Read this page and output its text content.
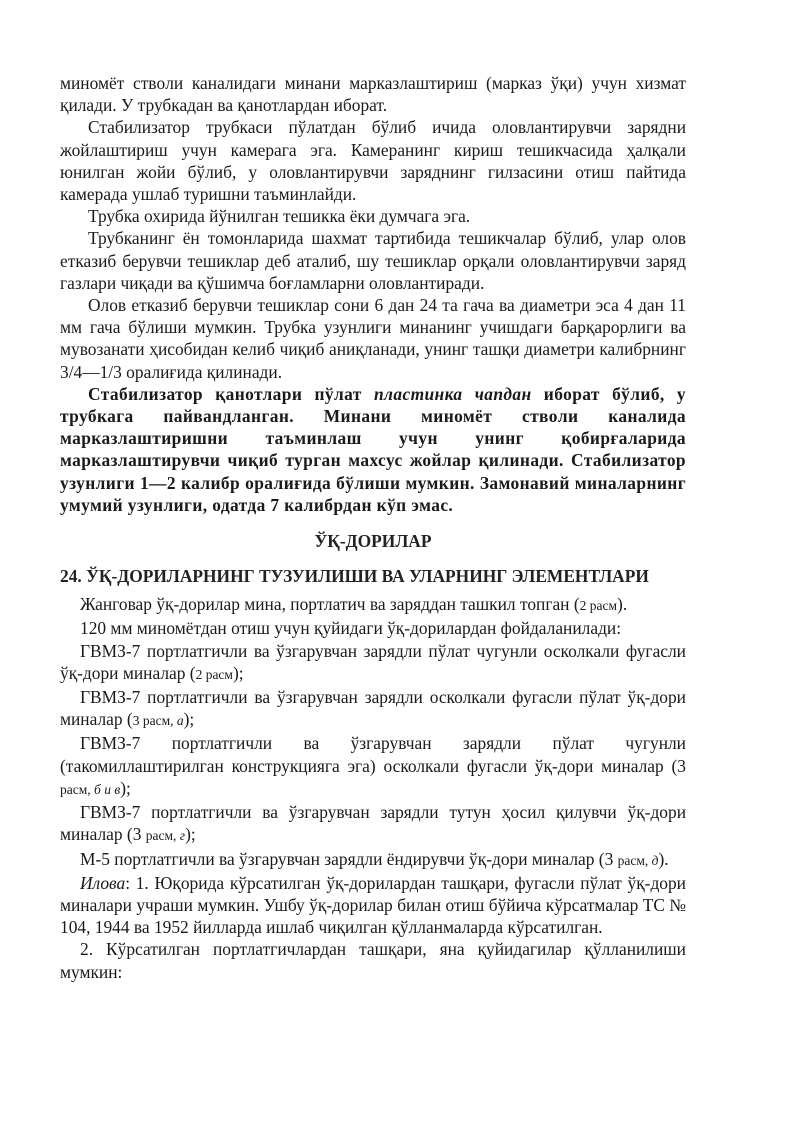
миномёт ствoли каналидаги минани марказлаштириш (марказ ўқи) учун хизмат қилади. У трубкадан ва қанотлардан иборат.

Стабилизатор трубкаси пўлатдан бўлиб ичида оловлантирувчи зарядни жойлаштириш учун камерага эга. Камеранинг кириш тешикчасида ҳалқали юнилган жойи бўлиб, у оловлантирувчи заряднинг гилзасини отиш пайтида камерада ушлаб туришни таъминлайди.

Трубка охирида йўнилган тешикка ёки думчага эга.

Трубканинг ён томонларида шахмат тартибида тешикчалар бўлиб, улар олов етказиб берувчи тешиклар деб аталиб, шу тешиклар орқали оловлантирувчи заряд газлари чиқади ва қўшимча боғламларни оловлантиради.

Олов етказиб берувчи тешиклар сони 6 дан 24 та гача ва диаметри эса 4 дан 11 мм гача бўлиши мумкин. Трубка узунлиги минанинг учишдаги барқарорлиги ва мувозанати ҳисобидан келиб чиқиб аниқланади, унинг ташқи диаметри калибрнинг 3/4—1/3 оралиғида қилинади.

Стабилизатор қанотлари пўлат пластинка чапдан иборат бўлиб, у трубкага пайвандланган. Минани миномёт ствoли каналида марказлаштиришни таъминлаш учун унинг қобирғаларида марказлаштирувчи чиқиб турган махсус жойлар қилинади. Стабилизатор узунлиги 1—2 калибр оралиғида бўлиши мумкин. Замонавий миналарнинг умумий узунлиги, одатда 7 калибрдан кўп эмас.

ЎҚ-ДОРИЛАР
24. ЎҚ-ДОРИЛАРНИНГ ТУЗУИЛИШИ ВА УЛАРНИНГ ЭЛЕМЕНТЛАРИ

Жанговар ўқ-дорилар мина, портлатич ва заряддан ташкил топган (2 расм).

120 мм миномётдан отиш учун қуйидаги ўқ-дорилардан фойдаланилади:

ГВМЗ-7 портлатгичли ва ўзгарувчан зарядли пўлат чугунли осколкали фугасли ўқ-дори миналар (2 расм);

ГВМЗ-7 портлатгичли ва ўзгарувчан зарядли осколкали фугасли пўлат ўқ-дори миналар (3 расм, а);

ГВМЗ-7 портлатгичли ва ўзгарувчан зарядли пўлат чугунли (такомиллаштирилган конструкцияга эга) осколкали фугасли ўқ-дори миналар (3 расм, б и в);

ГВМЗ-7 портлатгичли ва ўзгарувчан зарядли тутун ҳосил қилувчи ўқ-дори миналар (3 расм, г);

М-5 портлатгичли ва ўзгарувчан зарядли ёндирувчи ўқ-дори миналар (3 расм, д).

Илова: 1. Юқорида кўрсатилган ўқ-дорилардан ташқари, фугасли пўлат ўқ-дори миналари учраши мумкин. Ушбу ўқ-дорилар билан отиш бўйича кўрсатмалар ТС № 104, 1944 ва 1952 йилларда ишлаб чиқилган қўлланмаларда кўрсатилган.

2. Кўрсатилган портлатгичлардан ташқари, яна қуйидагилар қўлланилиши мумкин:
